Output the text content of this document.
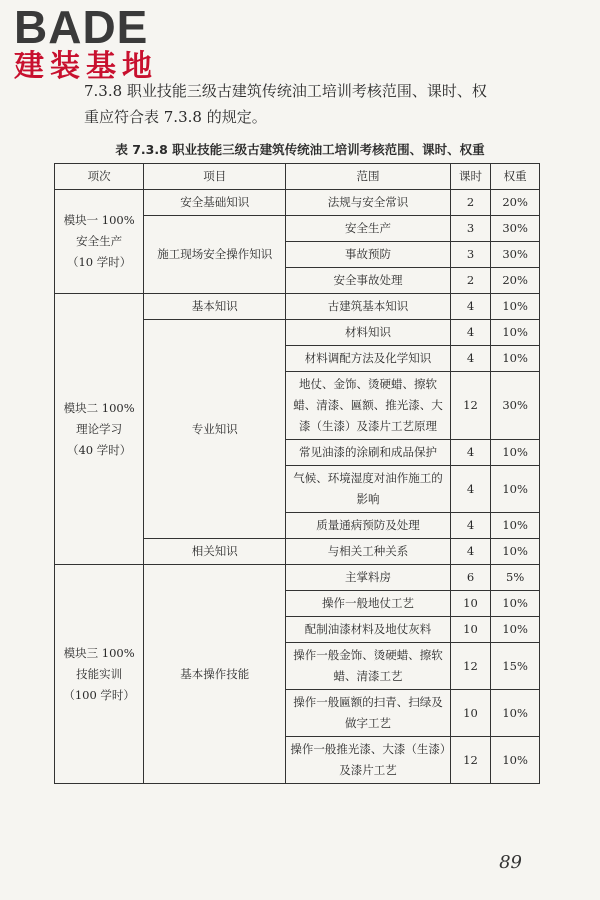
BADE
建装基地
7.3.8 职业技能三级古建筑传统油工培训考核范围、课时、权
重应符合表 7.3.8 的规定。
表 7.3.8 职业技能三级古建筑传统油工培训考核范围、课时、权重
项次	项目	范围	课时	权重

模块一 100%
安全生产
（10 学时）	安全基础知识	法规与安全常识	2	20%
	施工现场安全操作知识	安全生产	3	30%
		事故预防	3	30%
		安全事故处理	2	20%

模块二 100%
理论学习
（40 学时）	基本知识	古建筑基本知识	4	10%
	专业知识	材料知识	4	10%
		材料调配方法及化学知识	4	10%
		地仗、金饰、烫硬蜡、擦软蜡、清漆、匾额、推光漆、大漆（生漆）及漆片工艺原理	12	30%
		常见油漆的涂刷和成品保护	4	10%
		气候、环境湿度对油作施工的影响	4	10%
		质量通病预防及处理	4	10%
	相关知识	与相关工种关系	4	10%

模块三 100%
技能实训
（100 学时）	基本操作技能	主掌料房	6	5%
		操作一般地仗工艺	10	10%
		配制油漆材料及地仗灰料	10	10%
		操作一般金饰、烫硬蜡、擦软蜡、清漆工艺	12	15%
		操作一般匾额的扫青、扫绿及做字工艺	10	10%
		操作一般推光漆、大漆（生漆）及漆片工艺	12	10%
89
